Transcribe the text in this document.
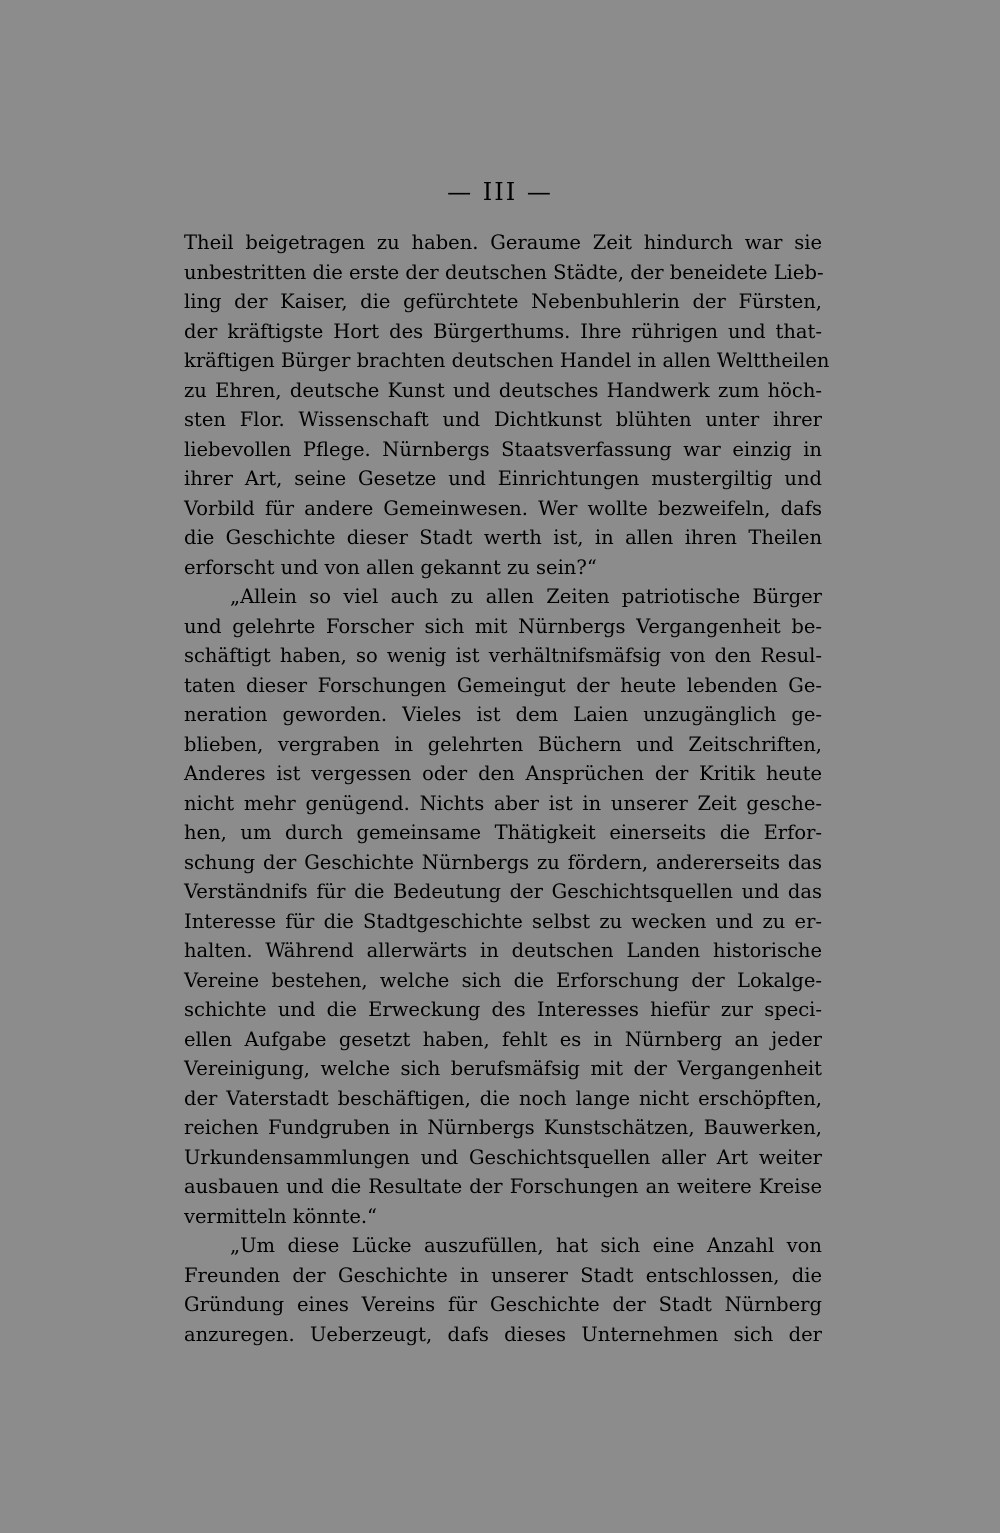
— III —
Theil beigetragen zu haben. Geraume Zeit hindurch war sie
unbestritten die erste der deutschen Städte, der beneidete Lieb-
ling der Kaiser, die gefürchtete Nebenbuhlerin der Fürsten,
der kräftigste Hort des Bürgerthums. Ihre rührigen und that-
kräftigen Bürger brachten deutschen Handel in allen Welttheilen
zu Ehren, deutsche Kunst und deutsches Handwerk zum höch-
sten Flor. Wissenschaft und Dichtkunst blühten unter ihrer
liebevollen Pflege. Nürnbergs Staatsverfassung war einzig in
ihrer Art, seine Gesetze und Einrichtungen mustergiltig und
Vorbild für andere Gemeinwesen. Wer wollte bezweifeln, dafs
die Geschichte dieser Stadt werth ist, in allen ihren Theilen
erforscht und von allen gekannt zu sein?“
„Allein so viel auch zu allen Zeiten patriotische Bürger
und gelehrte Forscher sich mit Nürnbergs Vergangenheit be-
schäftigt haben, so wenig ist verhältnifsmäfsig von den Resul-
taten dieser Forschungen Gemeingut der heute lebenden Ge-
neration geworden. Vieles ist dem Laien unzugänglich ge-
blieben, vergraben in gelehrten Büchern und Zeitschriften,
Anderes ist vergessen oder den Ansprüchen der Kritik heute
nicht mehr genügend. Nichts aber ist in unserer Zeit gesche-
hen, um durch gemeinsame Thätigkeit einerseits die Erfor-
schung der Geschichte Nürnbergs zu fördern, andererseits das
Verständnifs für die Bedeutung der Geschichtsquellen und das
Interesse für die Stadtgeschichte selbst zu wecken und zu er-
halten. Während allerwärts in deutschen Landen historische
Vereine bestehen, welche sich die Erforschung der Lokalge-
schichte und die Erweckung des Interesses hiefür zur speci-
ellen Aufgabe gesetzt haben, fehlt es in Nürnberg an jeder
Vereinigung, welche sich berufsmäfsig mit der Vergangenheit
der Vaterstadt beschäftigen, die noch lange nicht erschöpften,
reichen Fundgruben in Nürnbergs Kunstschätzen, Bauwerken,
Urkundensammlungen und Geschichtsquellen aller Art weiter
ausbauen und die Resultate der Forschungen an weitere Kreise
vermitteln könnte.“
„Um diese Lücke auszufüllen, hat sich eine Anzahl von
Freunden der Geschichte in unserer Stadt entschlossen, die
Gründung eines Vereins für Geschichte der Stadt Nürnberg
anzuregen. Ueberzeugt, dafs dieses Unternehmen sich der
